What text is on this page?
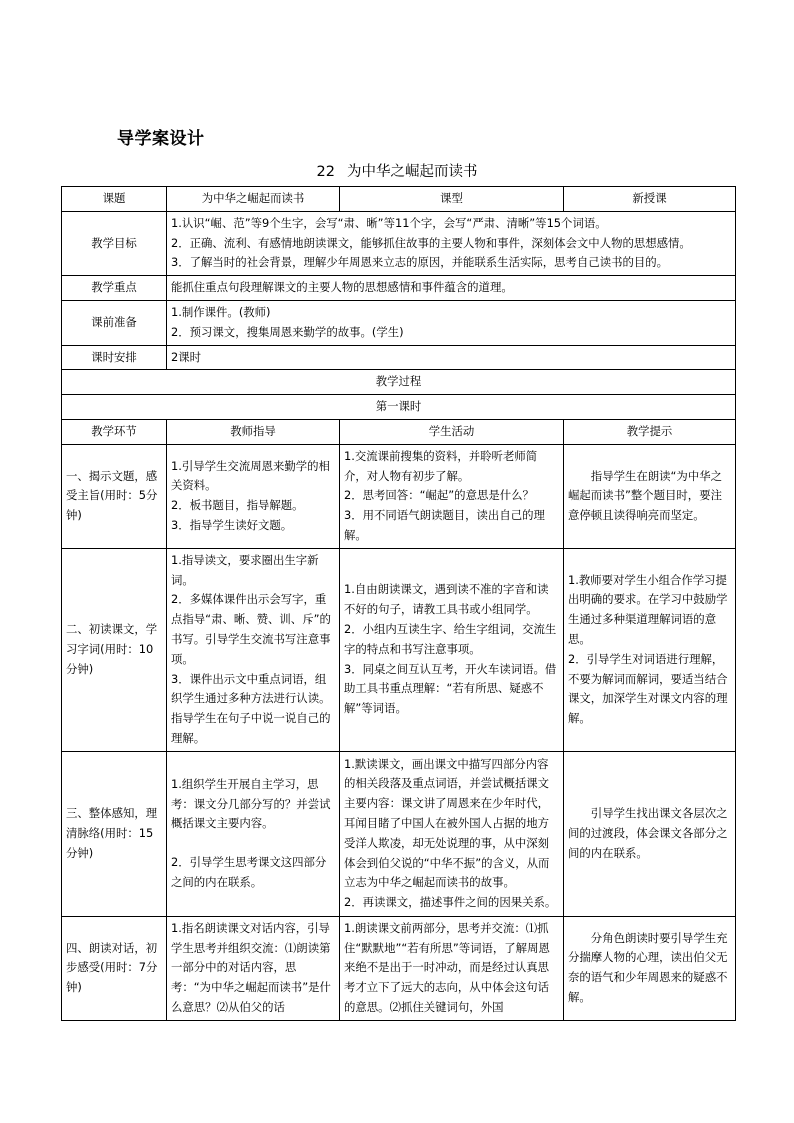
导学案设计
22 为中华之崛起而读书
课题	为中华之崛起而读书	课型	新授课
教学目标	1.认识“崛、范”等9个生字，会写“肃、晰”等11个字，会写“严肃、清晰”等15个词语。
2．正确、流利、有感情地朗读课文，能够抓住故事的主要人物和事件，深刻体会文中人物的思想感情。
3．了解当时的社会背景，理解少年周恩来立志的原因，并能联系生活实际，思考自己读书的目的。		

教学重点	能抓住重点句段理解课文的主要人物的思想感情和事件蕴含的道理。		
课前准备	1.制作课件。(教师)
2．预习课文，搜集周恩来勤学的故事。(学生)		

课时安排	2课时		
教学过程			
第一课时			
教学环节	教师指导	学生活动	教学提示
一、揭示文题，感受主旨(用时：5分钟)	1.引导学生交流周恩来勤学的相关资料。
2．板书题目，指导解题。
3．指导学生读好文题。	1.交流课前搜集的资料，并聆听老师简介，对人物有初步了解。
2．思考回答：“崛起”的意思是什么？
3．用不同语气朗读题目，读出自己的理解。	指导学生在朗读“为中华之崛起而读书”整个题目时，要注意停顿且读得响亮而坚定。

二、初读课文，学习字词(用时：10分钟)	1.指导读文，要求圈出生字新词。
2．多媒体课件出示会写字，重点指导“肃、晰、赞、训、斥”的书写。引导学生交流书写注意事项。
3．课件出示文中重点词语，组织学生通过多种方法进行认读。指导学生在句子中说一说自己的理解。	1.自由朗读课文，遇到读不准的字音和读不好的句子，请教工具书或小组同学。
2．小组内互读生字、给生字组词，交流生字的特点和书写注意事项。
3．同桌之间互认互考，开火车读词语。借助工具书重点理解：“若有所思、疑惑不解”等词语。	1.教师要对学生小组合作学习提出明确的要求。在学习中鼓励学生通过多种渠道理解词语的意思。
2．引导学生对词语进行理解，不要为解词而解词，要适当结合课文，加深学生对课文内容的理解。

三、整体感知，理清脉络(用时：15分钟)	1.组织学生开展自主学习，思考：课文分几部分写的？并尝试概括课文主要内容。
2．引导学生思考课文这四部分之间的内在联系。	1.默读课文，画出课文中描写四部分内容的相关段落及重点词语，并尝试概括课文主要内容：课文讲了周恩来在少年时代，耳闻目睹了中国人在被外国人占据的地方受洋人欺凌，却无处说理的事，从中深刻体会到伯父说的“中华不振”的含义，从而立志为中华之崛起而读书的故事。
2．再读课文，描述事件之间的因果关系。	引导学生找出课文各层次之间的过渡段，体会课文各部分之间的内在联系。

四、朗读对话，初步感受(用时：7分钟)	1.指名朗读课文对话内容，引导学生思考并组织交流：⑴朗读第一部分中的对话内容，思考：“为中华之崛起而读书”是什么意思？⑵从伯父的话	1.朗读课文前两部分，思考并交流：⑴抓住“默默地”“若有所思”等词语，了解周恩来绝不是出于一时冲动，而是经过认真思考才立下了远大的志向，从中体会这句话的意思。⑵抓住关键词句，外国	分角色朗读时要引导学生充分揣摩人物的心理，读出伯父无奈的语气和少年周恩来的疑惑不解。
